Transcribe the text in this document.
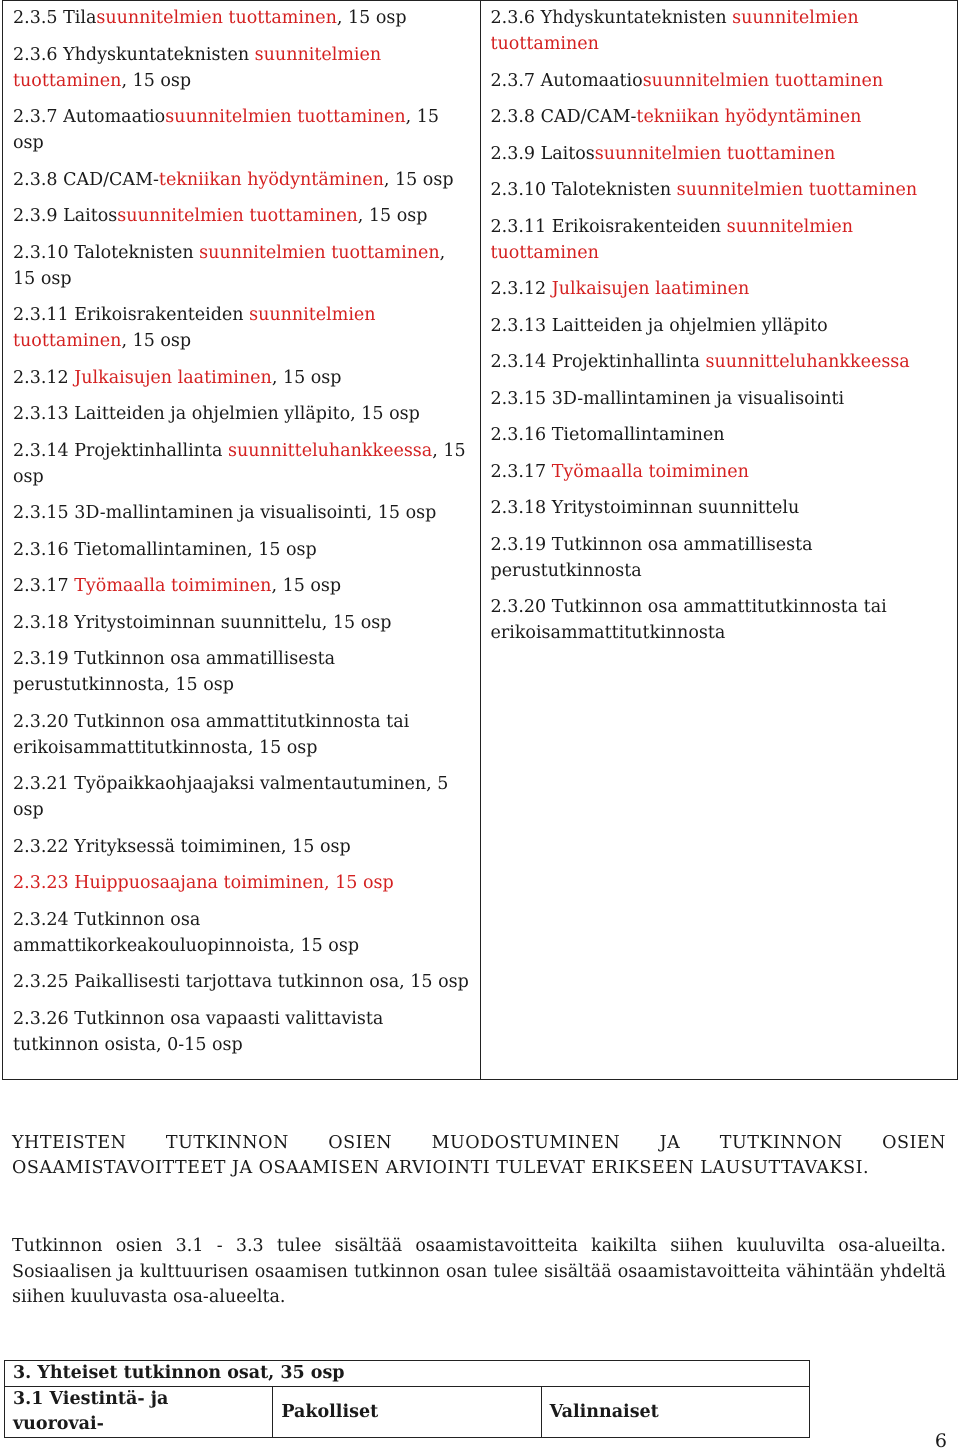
2.3.5 Tilasuunnitelmien tuottaminen, 15 osp
2.3.6 Yhdyskuntateknisten suunnitelmien tuottaminen, 15 osp
2.3.7 Automaatiosuunnitelmien tuottaminen, 15 osp
2.3.8 CAD/CAM-tekniikan hyödyntäminen, 15 osp
2.3.9 Laitossuunnitelmien tuottaminen, 15 osp
2.3.10 Taloteknisten suunnitelmien tuottaminen, 15 osp
2.3.11 Erikoisrakenteiden suunnitelmien tuottaminen, 15 osp
2.3.12 Julkaisujen laatiminen, 15 osp
2.3.13 Laitteiden ja ohjelmien ylläpito, 15 osp
2.3.14 Projektinhallinta suunnitteluhankkeessa, 15 osp
2.3.15 3D-mallintaminen ja visualisointi, 15 osp
2.3.16 Tietomallintaminen, 15 osp
2.3.17 Työmaalla toimiminen, 15 osp
2.3.18 Yritystoiminnan suunnittelu, 15 osp
2.3.19 Tutkinnon osa ammatillisesta perustutkinnosta, 15 osp
2.3.20 Tutkinnon osa ammattitutkinnosta tai erikoisammattitutkinnosta, 15 osp
2.3.21 Työpaikkaohjaajaksi valmentautuminen, 5 osp
2.3.22 Yrityksessä toimiminen, 15 osp
2.3.23 Huippuosaajana toimiminen, 15 osp
2.3.24 Tutkinnon osa ammattikorkeakouluopinnoista, 15 osp
2.3.25 Paikallisesti tarjottava tutkinnon osa, 15 osp
2.3.26 Tutkinnon osa vapaasti valittavista tutkinnon osista, 0-15 osp

2.3.6 Yhdyskuntateknisten suunnitelmien tuottaminen
2.3.7 Automaatiosuunnitelmien tuottaminen
2.3.8 CAD/CAM-tekniikan hyödyntäminen
2.3.9 Laitossuunnitelmien tuottaminen
2.3.10 Taloteknisten suunnitelmien tuottaminen
2.3.11 Erikoisrakenteiden suunnitelmien tuottaminen
2.3.12 Julkaisujen laatiminen
2.3.13 Laitteiden ja ohjelmien ylläpito
2.3.14 Projektinhallinta suunnitteluhankkeessa
2.3.15 3D-mallintaminen ja visualisointi
2.3.16 Tietomallintaminen
2.3.17 Työmaalla toimiminen
2.3.18 Yritystoiminnan suunnittelu
2.3.19 Tutkinnon osa ammatillisesta perustutkinnosta
2.3.20 Tutkinnon osa ammattitutkinnosta tai erikoisammattitutkinnosta
YHTEISTEN TUTKINNON OSIEN MUODOSTUMINEN JA TUTKINNON OSIEN OSAAMISTAVOITTEET JA OSAAMISEN ARVIOINTI TULEVAT ERIKSEEN LAUSUTTAVAKSI.
Tutkinnon osien 3.1 - 3.3 tulee sisältää osaamistavoitteita kaikilta siihen kuuluvilta osa-alueilta. Sosiaalisen ja kulttuurisen osaamisen tutkinnon osan tulee sisältää osaamistavoitteita vähintään yhdeltä siihen kuuluvasta osa-alueelta.
3. Yhteiset tutkinnon osat, 35 osp
3.1 Viestintä- ja vuorovai-	Pakolliset	Valinnaiset
6
